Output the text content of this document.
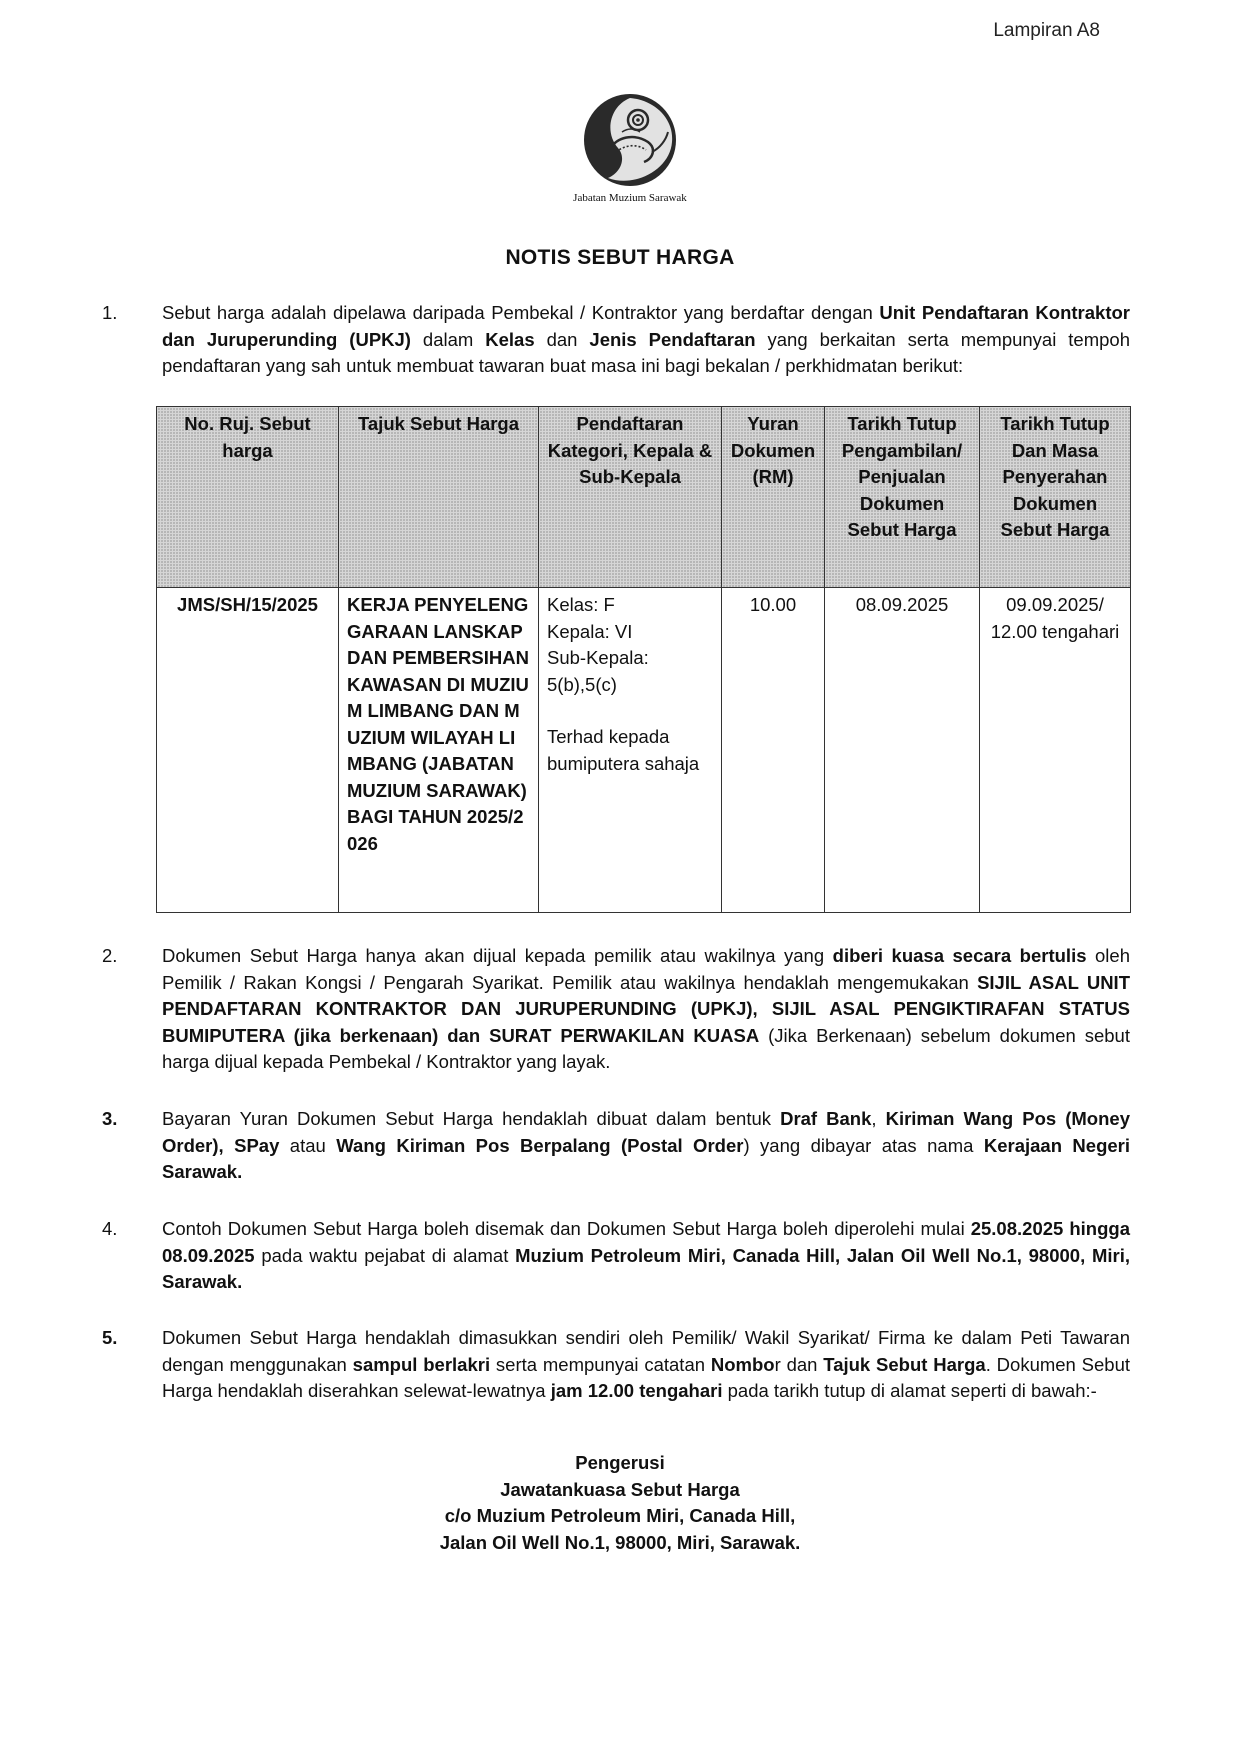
Lampiran A8
Jabatan Muzium Sarawak
NOTIS SEBUT HARGA
1. Sebut harga adalah dipelawa daripada Pembekal / Kontraktor yang berdaftar dengan Unit Pendaftaran Kontraktor dan Juruperunding (UPKJ) dalam Kelas dan Jenis Pendaftaran yang berkaitan serta mempunyai tempoh pendaftaran yang sah untuk membuat tawaran buat masa ini bagi bekalan / perkhidmatan berikut:
No. Ruj. Sebut harga	Tajuk Sebut Harga	Pendaftaran Kategori, Kepala & Sub-Kepala	Yuran Dokumen (RM)	Tarikh Tutup Pengambilan/ Penjualan Dokumen Sebut Harga	Tarikh Tutup Dan Masa Penyerahan Dokumen Sebut Harga
JMS/SH/15/2025	KERJA PENYELENGGARAAN LANSKAP DAN PEMBERSIHAN KAWASAN DI MUZIUM LIMBANG DAN MUZIUM WILAYAH LIMBANG (JABATAN MUZIUM SARAWAK) BAGI TAHUN 2025/2026	Kelas: F
Kepala: VI
Sub-Kepala: 5(b),5(c)
Terhad kepada bumiputera sahaja	10.00	08.09.2025	09.09.2025/
12.00 tengahari
2. Dokumen Sebut Harga hanya akan dijual kepada pemilik atau wakilnya yang diberi kuasa secara bertulis oleh Pemilik / Rakan Kongsi / Pengarah Syarikat. Pemilik atau wakilnya hendaklah mengemukakan SIJIL ASAL UNIT PENDAFTARAN KONTRAKTOR DAN JURUPERUNDING (UPKJ), SIJIL ASAL PENGIKTIRAFAN STATUS BUMIPUTERA (jika berkenaan) dan SURAT PERWAKILAN KUASA (Jika Berkenaan) sebelum dokumen sebut harga dijual kepada Pembekal / Kontraktor yang layak.
3. Bayaran Yuran Dokumen Sebut Harga hendaklah dibuat dalam bentuk Draf Bank, Kiriman Wang Pos (Money Order), SPay atau Wang Kiriman Pos Berpalang (Postal Order) yang dibayar atas nama Kerajaan Negeri Sarawak.
4. Contoh Dokumen Sebut Harga boleh disemak dan Dokumen Sebut Harga boleh diperolehi mulai 25.08.2025 hingga 08.09.2025 pada waktu pejabat di alamat Muzium Petroleum Miri, Canada Hill, Jalan Oil Well No.1, 98000, Miri, Sarawak.
5. Dokumen Sebut Harga hendaklah dimasukkan sendiri oleh Pemilik/ Wakil Syarikat/ Firma ke dalam Peti Tawaran dengan menggunakan sampul berlakri serta mempunyai catatan Nombor dan Tajuk Sebut Harga. Dokumen Sebut Harga hendaklah diserahkan selewat-lewatnya jam 12.00 tengahari pada tarikh tutup di alamat seperti di bawah:-
Pengerusi
Jawatankuasa Sebut Harga
c/o Muzium Petroleum Miri, Canada Hill,
Jalan Oil Well No.1, 98000, Miri, Sarawak.
